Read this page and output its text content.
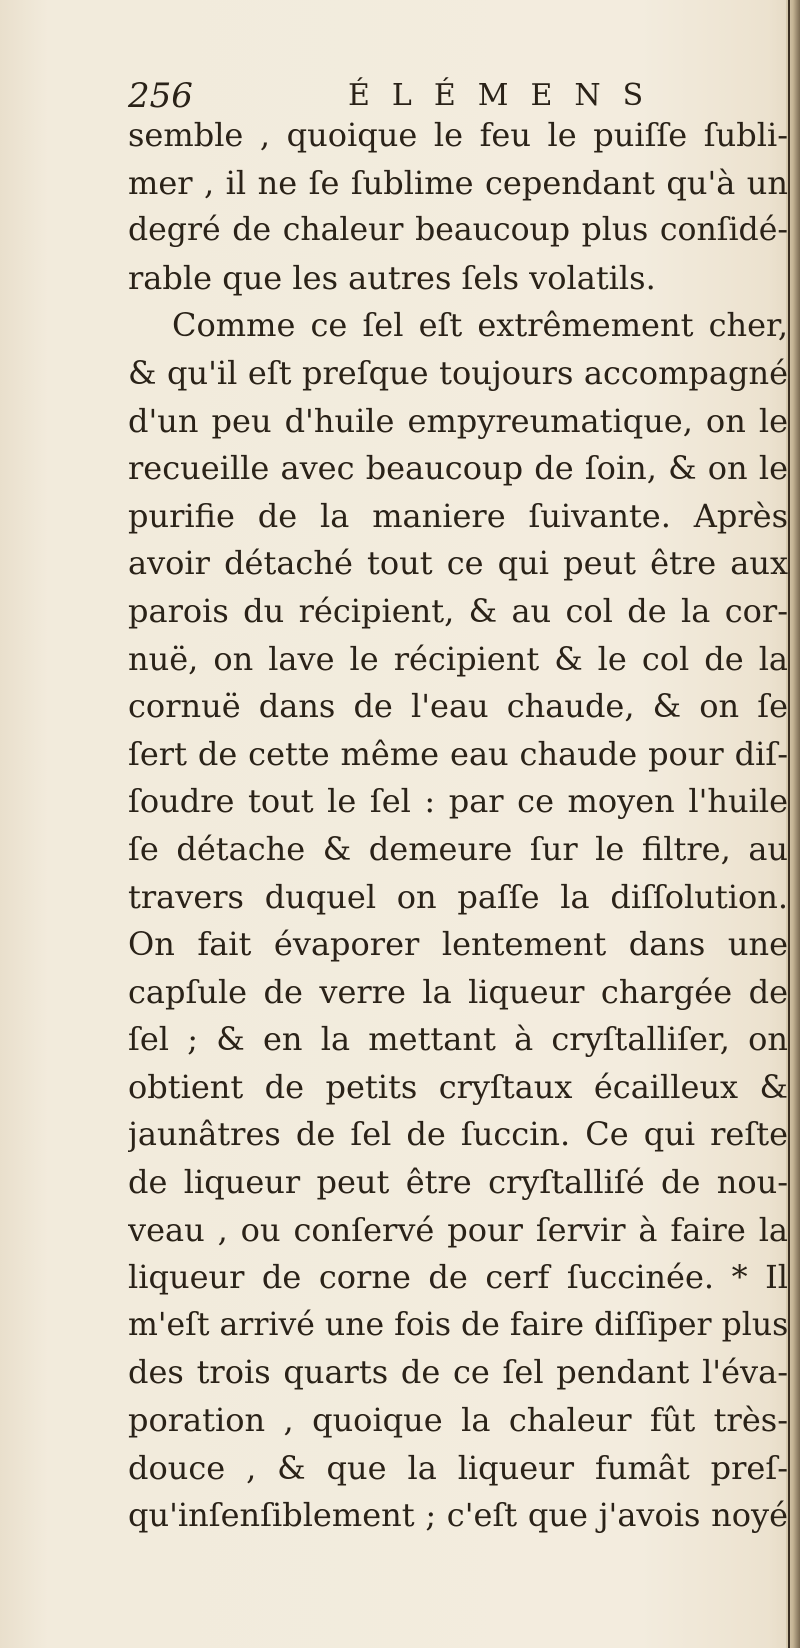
256	ÉLÉMENS
semble , quoique le feu le puiſſe ſubli-
mer , il ne ſe ſublime cependant qu'à un
degré de chaleur beaucoup plus conſidé-
rable que les autres ſels volatils.
Comme ce ſel eſt extrêmement cher,
& qu'il eſt preſque toujours accompagné
d'un peu d'huile empyreumatique, on le
recueille avec beaucoup de ſoin, & on le
purifie de la maniere ſuivante. Après
avoir détaché tout ce qui peut être aux
parois du récipient, & au col de la cor-
nuë, on lave le récipient & le col de la
cornuë dans de l'eau chaude, & on ſe
ſert de cette même eau chaude pour diſ-
ſoudre tout le ſel : par ce moyen l'huile
ſe détache & demeure ſur le filtre, au
travers duquel on paſſe la diſſolution.
On fait évaporer lentement dans une
capſule de verre la liqueur chargée de
ſel ; & en la mettant à cryſtalliſer, on
obtient de petits cryſtaux écailleux &
jaunâtres de ſel de ſuccin. Ce qui reſte
de liqueur peut être cryſtalliſé de nou-
veau , ou conſervé pour ſervir à faire la
liqueur de corne de cerf ſuccinée. * Il
m'eſt arrivé une fois de faire diſſiper plus
des trois quarts de ce ſel pendant l'éva-
poration , quoique la chaleur fût très-
douce , & que la liqueur fumât preſ-
qu'inſenſiblement ; c'eſt que j'avois noyé
